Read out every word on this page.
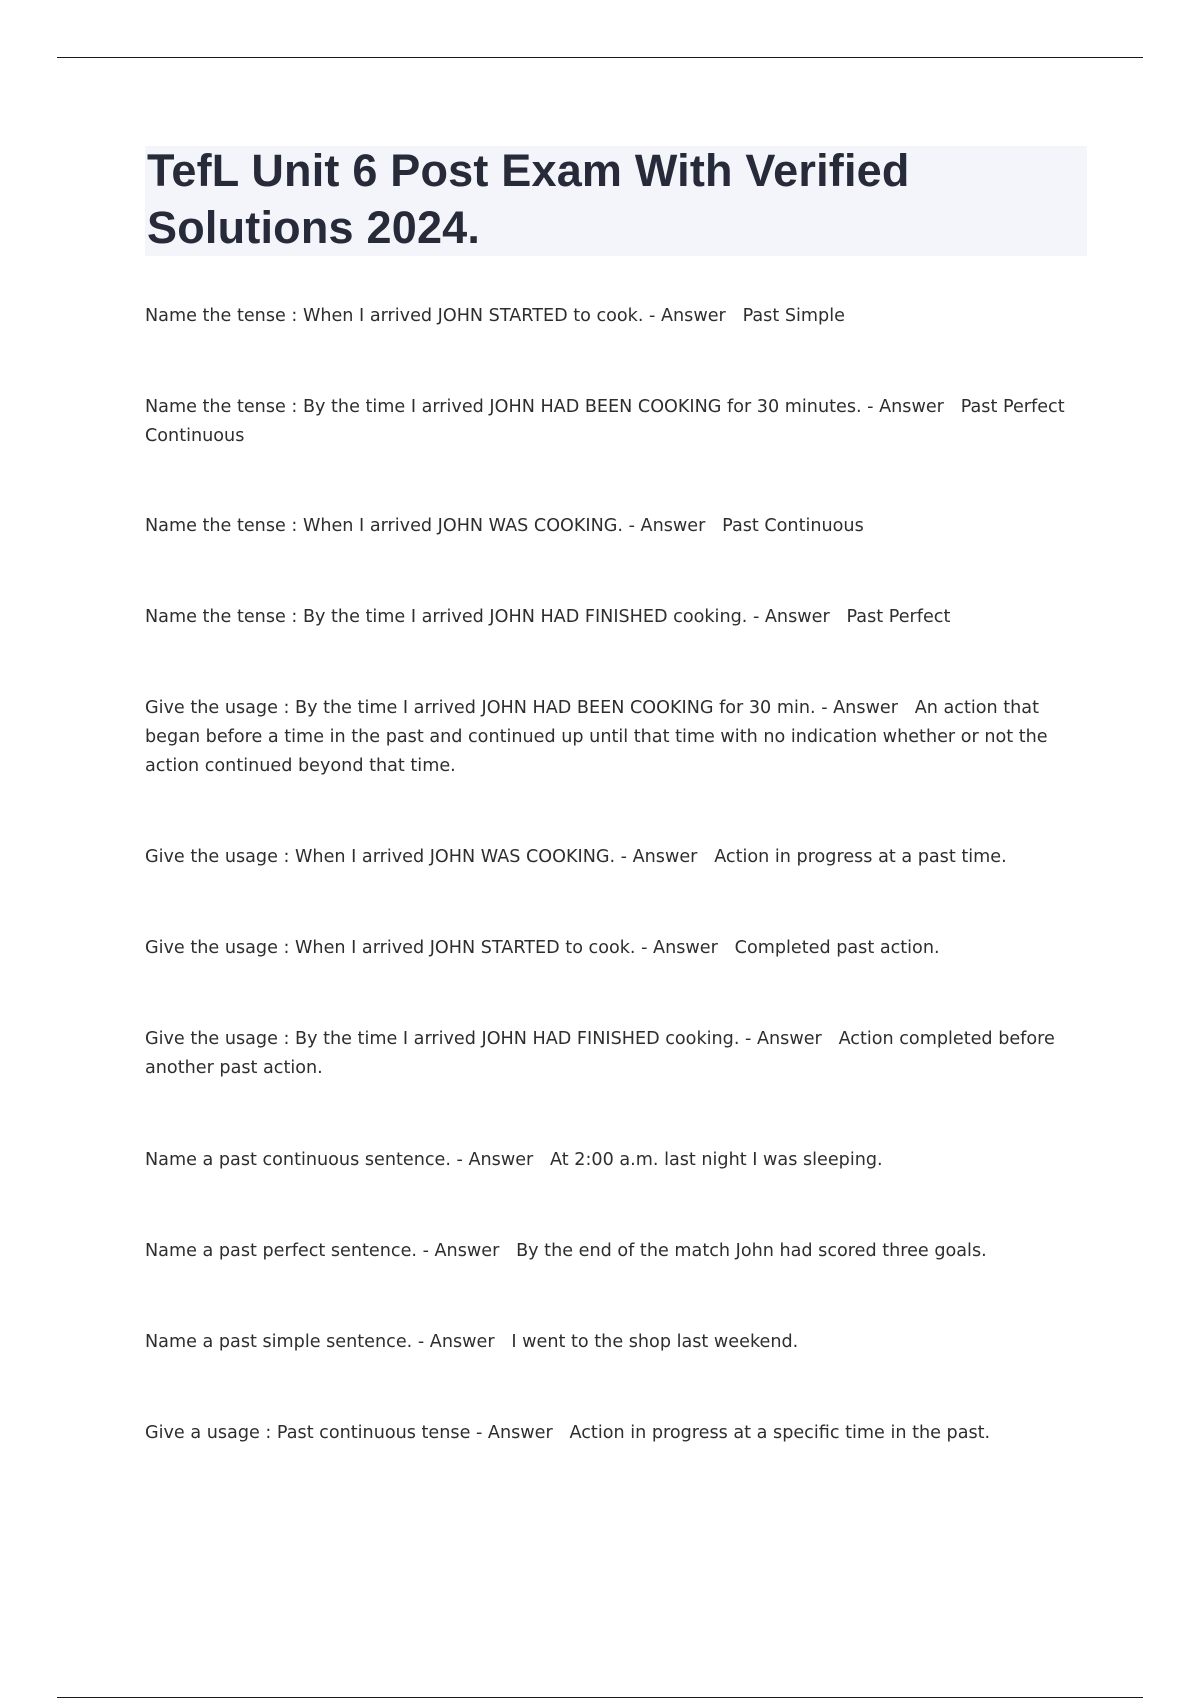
TefL Unit 6 Post Exam With Verified Solutions 2024.

Name the tense : When I arrived JOHN STARTED to cook. - Answer Past Simple

Name the tense : By the time I arrived JOHN HAD BEEN COOKING for 30 minutes. - Answer Past Perfect Continuous

Name the tense : When I arrived JOHN WAS COOKING. - Answer Past Continuous

Name the tense : By the time I arrived JOHN HAD FINISHED cooking. - Answer Past Perfect

Give the usage : By the time I arrived JOHN HAD BEEN COOKING for 30 min. - Answer An action that began before a time in the past and continued up until that time with no indication whether or not the action continued beyond that time.

Give the usage : When I arrived JOHN WAS COOKING. - Answer Action in progress at a past time.

Give the usage : When I arrived JOHN STARTED to cook. - Answer Completed past action.

Give the usage : By the time I arrived JOHN HAD FINISHED cooking. - Answer Action completed before another past action.

Name a past continuous sentence. - Answer At 2:00 a.m. last night I was sleeping.

Name a past perfect sentence. - Answer By the end of the match John had scored three goals.

Name a past simple sentence. - Answer I went to the shop last weekend.

Give a usage : Past continuous tense - Answer Action in progress at a specific time in the past.
